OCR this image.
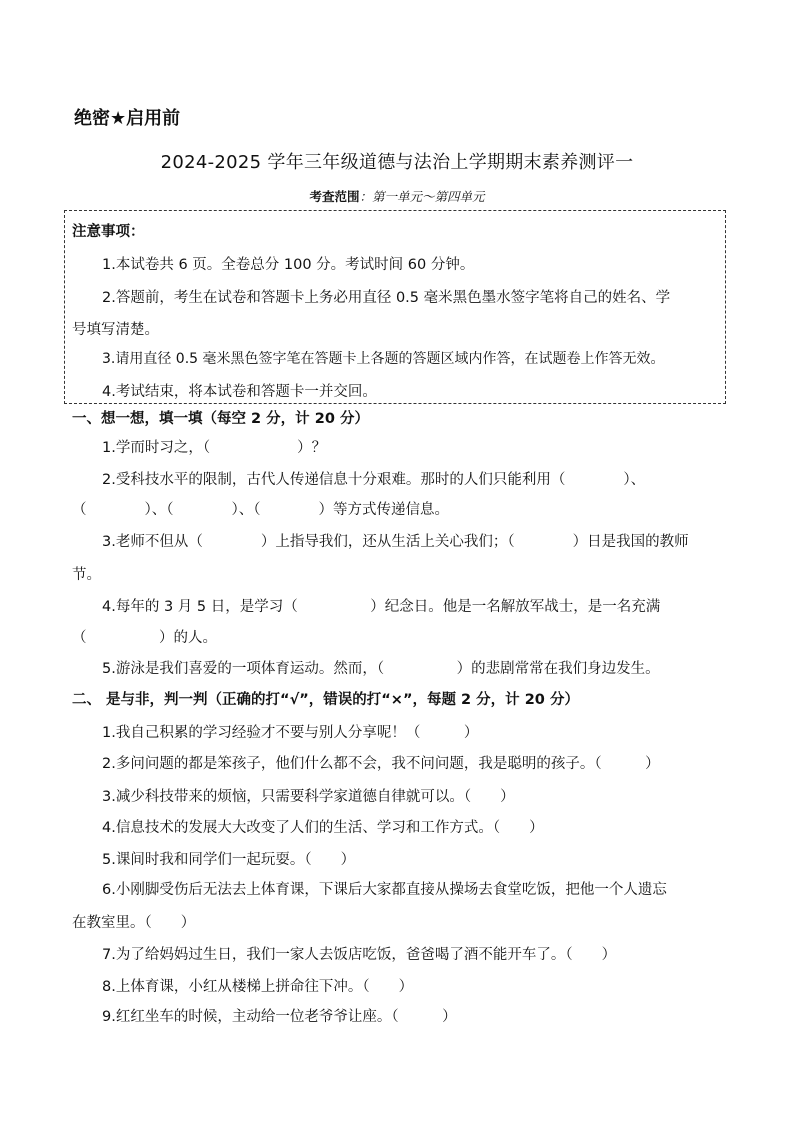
绝密★启用前
2024-2025 学年三年级道德与法治上学期期末素养测评一
考查范围：第一单元～第四单元
注意事项：
1.本试卷共 6 页。全卷总分 100 分。考试时间 60 分钟。
2.答题前，考生在试卷和答题卡上务必用直径 0.5 毫米黑色墨水签字笔将自己的姓名、学
号填写清楚。
3.请用直径 0.5 毫米黑色签字笔在答题卡上各题的答题区域内作答，在试题卷上作答无效。
4.考试结束，将本试卷和答题卡一并交回。
一、想一想，填一填（每空 2 分，计 20 分）
1.学而时习之，（　　　　　　）？
2.受科技水平的限制，古代人传递信息十分艰难。那时的人们只能利用（　　　　）、
（　　　　）、（　　　　）、（　　　　）等方式传递信息。
3.老师不但从（　　　　）上指导我们，还从生活上关心我们；（　　　　）日是我国的教师
节。
4.每年的 3 月 5 日，是学习（　　　　　）纪念日。他是一名解放军战士，是一名充满
（　　　　　）的人。
5.游泳是我们喜爱的一项体育运动。然而，（　　　　　）的悲剧常常在我们身边发生。
二、 是与非，判一判（正确的打“√”，错误的打“×”，每题 2 分，计 20 分）
1.我自己积累的学习经验才不要与别人分享呢！（　　　）
2.多问问题的都是笨孩子，他们什么都不会，我不问问题，我是聪明的孩子。（　　　）
3.减少科技带来的烦恼，只需要科学家道德自律就可以。（　　）
4.信息技术的发展大大改变了人们的生活、学习和工作方式。（　　）
5.课间时我和同学们一起玩耍。（　　）
6.小刚脚受伤后无法去上体育课，下课后大家都直接从操场去食堂吃饭，把他一个人遗忘
在教室里。（　　）
7.为了给妈妈过生日，我们一家人去饭店吃饭，爸爸喝了酒不能开车了。（　　）
8.上体育课，小红从楼梯上拼命往下冲。（　　）
9.红红坐车的时候，主动给一位老爷爷让座。（　　　）
